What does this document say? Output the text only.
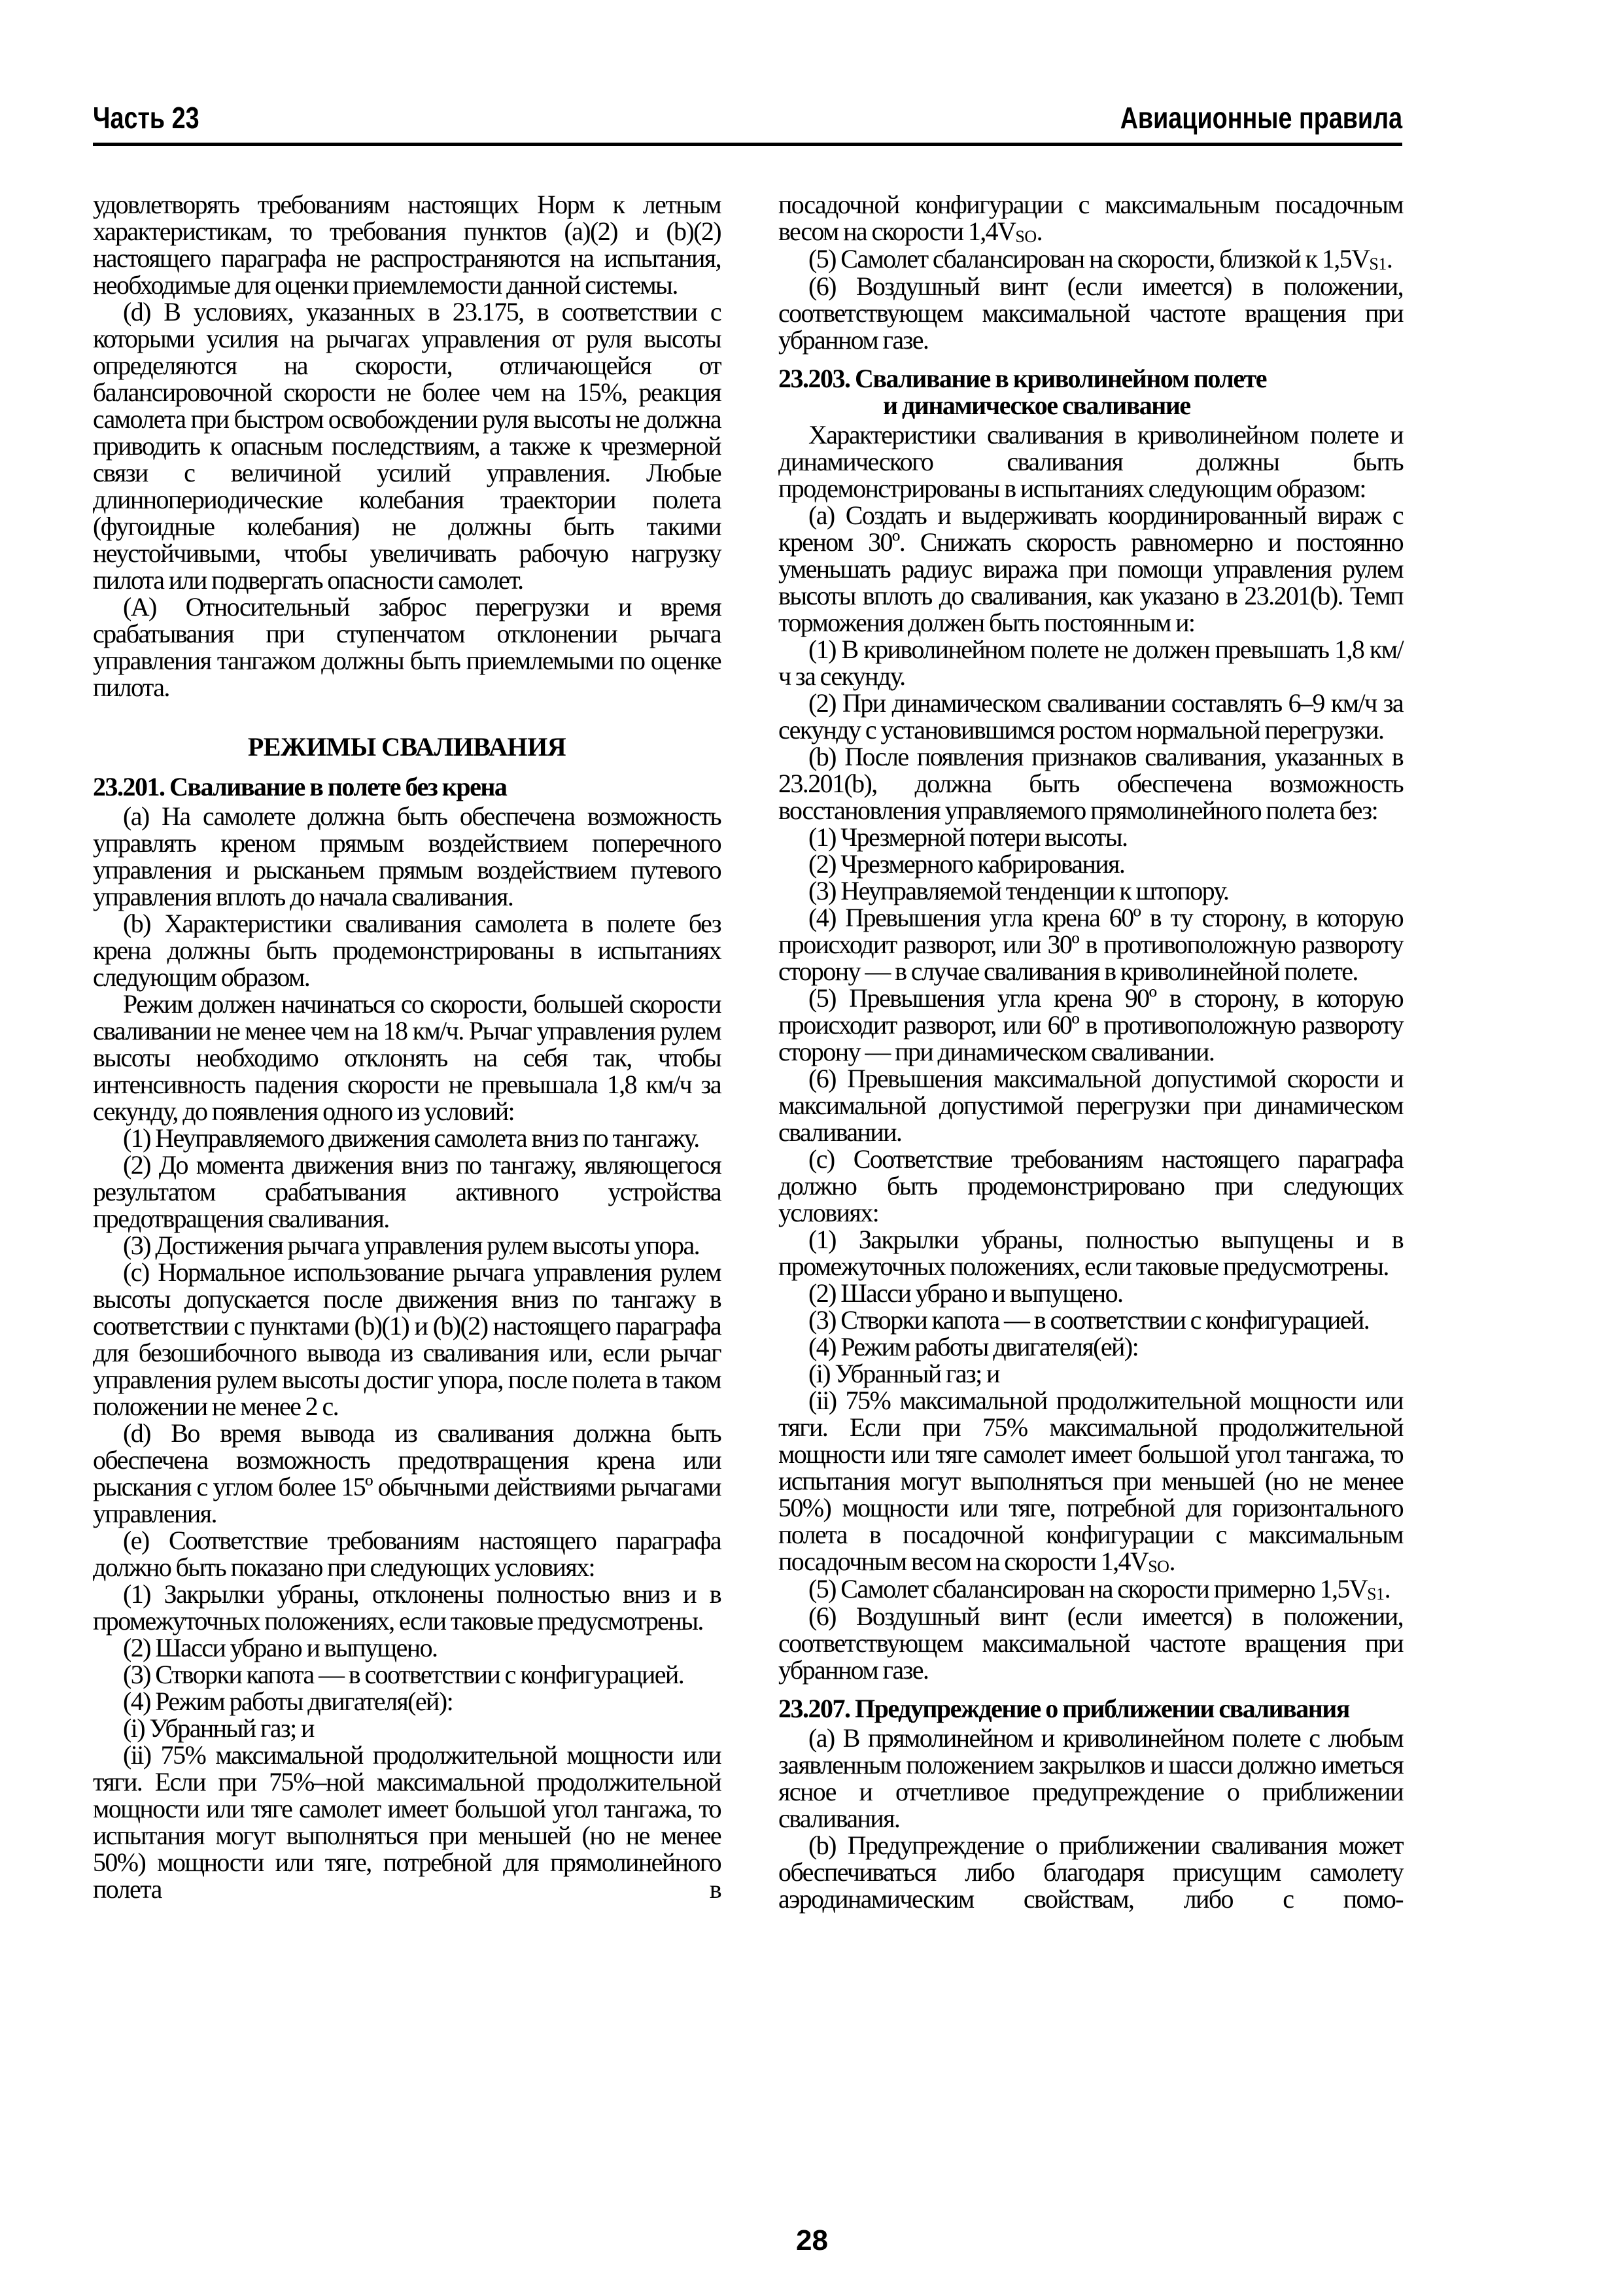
Часть 23	Авиационные правила

удовлетворять требованиям настоящих Норм к летным характеристикам, то требования пунктов (a)(2) и (b)(2) настоящего параграфа не распространяются на испытания, необходимые для оценки приемлемости данной системы.

(d) В условиях, указанных в 23.175, в соответствии с которыми усилия на рычагах управления от руля высоты определяются на скорости, отличающейся от балансировочной скорости не более чем на 15%, реакция самолета при быстром освобождении руля высоты не должна приводить к опасным последствиям, а также к чрезмерной связи с величиной усилий управления. Любые длиннопериодические колебания траектории полета (фугоидные колебания) не должны быть такими неустойчивыми, чтобы увеличивать рабочую нагрузку пилота или подвергать опасности самолет.

(A) Относительный заброс перегрузки и время срабатывания при ступенчатом отклонении рычага управления тангажом должны быть приемлемыми по оценке пилота.

РЕЖИМЫ СВАЛИВАНИЯ
23.201. Сваливание в полете без крена

(a) На самолете должна быть обеспечена возможность управлять креном прямым воздействием поперечного управления и рысканьем прямым воздействием путевого управления вплоть до начала сваливания.

(b) Характеристики сваливания самолета в полете без крена должны быть продемонстрированы в испытаниях следующим образом.

Режим должен начинаться со скорости, большей скорости сваливании не менее чем на 18 км/ч. Рычаг управления рулем высоты необходимо отклонять на себя так, чтобы интенсивность падения скорости не превышала 1,8 км/ч за секунду, до появления одного из условий:

(1) Неуправляемого движения самолета вниз по тангажу.

(2) До момента движения вниз по тангажу, являющегося результатом срабатывания активного устройства предотвращения сваливания.

(3) Достижения рычага управления рулем высоты упора.

(c) Нормальное использование рычага управления рулем высоты допускается после движения вниз по тангажу в соответствии с пунктами (b)(1) и (b)(2) настоящего параграфа для безошибочного вывода из сваливания или, если рычаг управления рулем высоты достиг упора, после полета в таком положении не менее 2 с.

(d) Во время вывода из сваливания должна быть обеспечена возможность предотвращения крена или рыскания с углом более 15º обычными действиями рычагами управления.

(e) Соответствие требованиям настоящего параграфа должно быть показано при следующих условиях:

(1) Закрылки убраны, отклонены полностью вниз и в промежуточных положениях, если таковые предусмотрены.

(2) Шасси убрано и выпущено.

(3) Створки капота — в соответствии с конфигурацией.

(4) Режим работы двигателя(ей):

(i) Убранный газ; и

(ii) 75% максимальной продолжительной мощности или тяги. Если при 75%–ной максимальной продолжительной мощности или тяге самолет имеет большой угол тангажа, то испытания могут выполняться при меньшей (но не менее 50%) мощности или тяге, потребной для прямолинейного полета в

посадочной конфигурации с максимальным посадочным весом на скорости $1,4V_{SO}$.

(5) Самолет сбалансирован на скорости, близкой к $1,5V_{S1}$.

(6) Воздушный винт (если имеется) в положении, соответствующем максимальной частоте вращения при убранном газе.

23.203. Сваливание в криволинейном полете
и динамическое сваливание

Характеристики сваливания в криволинейном полете и динамического сваливания должны быть продемонстрированы в испытаниях следующим образом:

(a) Создать и выдерживать координированный вираж с креном 30º. Снижать скорость равномерно и постоянно уменьшать радиус виража при помощи управления рулем высоты вплоть до сваливания, как указано в 23.201(b). Темп торможения должен быть постоянным и:

(1) В криволинейном полете не должен превышать 1,8 км/ч за секунду.

(2) При динамическом сваливании составлять 6–9 км/ч за секунду с установившимся ростом нормальной перегрузки.

(b) После появления признаков сваливания, указанных в 23.201(b), должна быть обеспечена возможность восстановления управляемого прямолинейного полета без:

(1) Чрезмерной потери высоты.

(2) Чрезмерного кабрирования.

(3) Неуправляемой тенденции к штопору.

(4) Превышения угла крена 60º в ту сторону, в которую происходит разворот, или 30º в противоположную развороту сторону — в случае сваливания в криволинейной полете.

(5) Превышения угла крена 90º в сторону, в которую происходит разворот, или 60º в противоположную развороту сторону — при динамическом сваливании.

(6) Превышения максимальной допустимой скорости и максимальной допустимой перегрузки при динамическом сваливании.

(c) Соответствие требованиям настоящего параграфа должно быть продемонстрировано при следующих условиях:

(1) Закрылки убраны, полностью выпущены и в промежуточных положениях, если таковые предусмотрены.

(2) Шасси убрано и выпущено.

(3) Створки капота — в соответствии с конфигурацией.

(4) Режим работы двигателя(ей):

(i) Убранный газ; и

(ii) 75% максимальной продолжительной мощности или тяги. Если при 75% максимальной продолжительной мощности или тяге самолет имеет большой угол тангажа, то испытания могут выполняться при меньшей (но не менее 50%) мощности или тяге, потребной для горизонтального полета в посадочной конфигурации с максимальным посадочным весом на скорости $1,4V_{SO}$.

(5) Самолет сбалансирован на скорости примерно $1,5V_{S1}$.

(6) Воздушный винт (если имеется) в положении, соответствующем максимальной частоте вращения при убранном газе.

23.207. Предупреждение о приближении сваливания

(a) В прямолинейном и криволинейном полете с любым заявленным положением закрылков и шасси должно иметься ясное и отчетливое предупреждение о приближении сваливания.

(b) Предупреждение о приближении сваливания может обеспечиваться либо благодаря присущим самолету аэродинамическим свойствам, либо с помо-

28
